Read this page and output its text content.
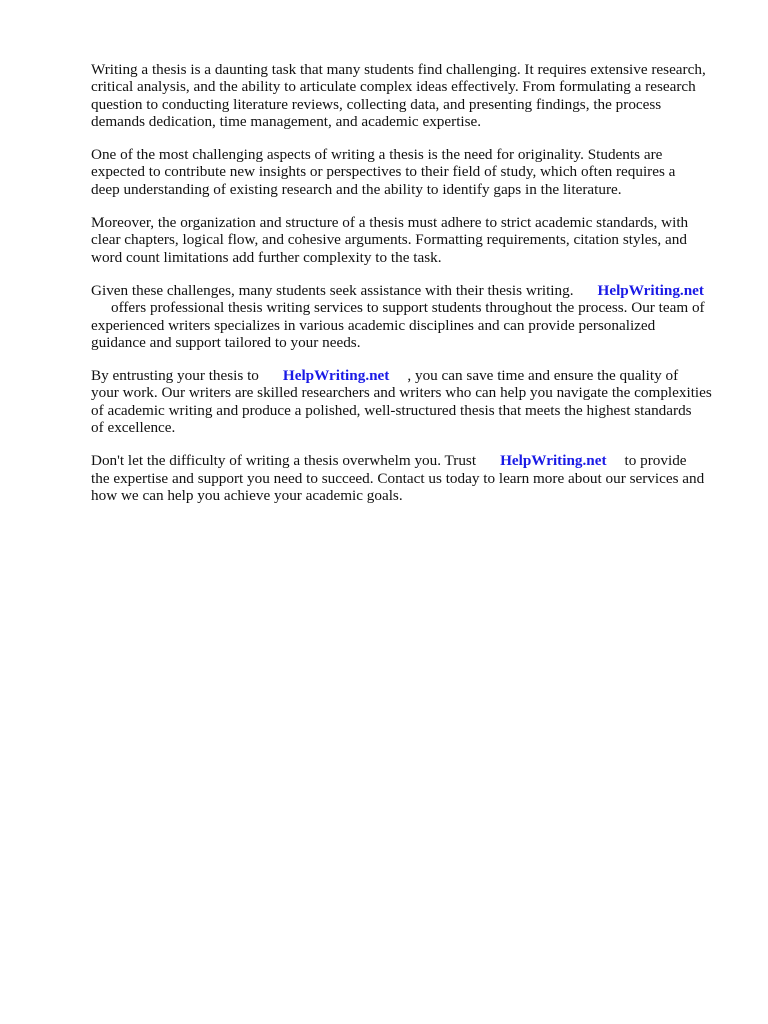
Writing a thesis is a daunting task that many students find challenging. It requires extensive research,
critical analysis, and the ability to articulate complex ideas effectively. From formulating a research
question to conducting literature reviews, collecting data, and presenting findings, the process
demands dedication, time management, and academic expertise.

One of the most challenging aspects of writing a thesis is the need for originality. Students are
expected to contribute new insights or perspectives to their field of study, which often requires a
deep understanding of existing research and the ability to identify gaps in the literature.

Moreover, the organization and structure of a thesis must adhere to strict academic standards, with
clear chapters, logical flow, and cohesive arguments. Formatting requirements, citation styles, and
word count limitations add further complexity to the task.

Given these challenges, many students seek assistance with their thesis writing. HelpWriting.net
offers professional thesis writing services to support students throughout the process. Our team of
experienced writers specializes in various academic disciplines and can provide personalized
guidance and support tailored to your needs.

By entrusting your thesis to HelpWriting.net , you can save time and ensure the quality of
your work. Our writers are skilled researchers and writers who can help you navigate the complexities
of academic writing and produce a polished, well-structured thesis that meets the highest standards
of excellence.

Don't let the difficulty of writing a thesis overwhelm you. Trust HelpWriting.net to provide
the expertise and support you need to succeed. Contact us today to learn more about our services and
how we can help you achieve your academic goals.
